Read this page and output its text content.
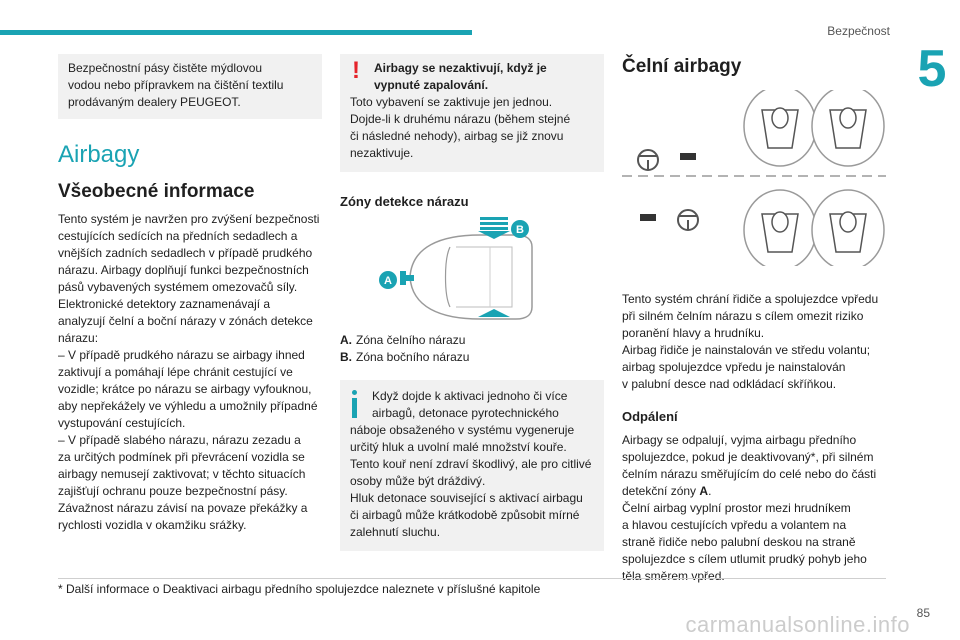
Bezpečnost
5

Bezpečnostní pásy čistěte mýdlovou
vodou nebo přípravkem na čištění textilu
prodávaným dealery PEUGEOT.

Airbagy
Všeobecné informace

Tento systém je navržen pro zvýšení bezpečnosti
cestujících sedících na předních sedadlech a
vnějších zadních sedadlech v případě prudkého
nárazu. Airbagy doplňují funkci bezpečnostních
pásů vybavených systémem omezovačů síly.
Elektronické detektory zaznamenávají a
analyzují čelní a boční nárazy v zónách detekce
nárazu:
– V případě prudkého nárazu se airbagy ihned
zaktivují a pomáhají lépe chránit cestující ve
vozidle; krátce po nárazu se airbagy vyfouknou,
aby nepřekážely ve výhledu a umožnily případné
vystupování cestujících.
– V případě slabého nárazu, nárazu zezadu a
za určitých podmínek při převrácení vozidla se
airbagy nemusejí zaktivovat; v těchto situacích
zajišťují ochranu pouze bezpečnostní pásy.
Závažnost nárazu závisí na povaze překážky a
rychlosti vozidla v okamžiku srážky.

!	Airbagy se nezaktivují, když je
vypnuté zapalování.

Toto vybavení se zaktivuje jen jednou.
Dojde-li k druhému nárazu (během stejné
či následné nehody), airbag se již znovu
nezaktivuje.

Zóny detekce nárazu
A
B
A. Zóna čelního nárazu
B. Zóna bočního nárazu
Když dojde k aktivaci jednoho či více
airbagů, detonace pyrotechnického

náboje obsaženého v systému vygeneruje
určitý hluk a uvolní malé množství kouře.
Tento kouř není zdraví škodlivý, ale pro citlivé
osoby může být dráždivý.
Hluk detonace související s aktivací airbagu
či airbagů může krátkodobě způsobit mírné
zalehnutí sluchu.

Čelní airbagy

Tento systém chrání řidiče a spolujezdce vpředu
při silném čelním nárazu s cílem omezit riziko
poranění hlavy a hrudníku.
Airbag řidiče je nainstalován ve středu volantu;
airbag spolujezdce vpředu je nainstalován
v palubní desce nad odkládací skříňkou.

Odpálení

Airbagy se odpalují, vyjma airbagu předního
spolujezdce, pokud je deaktivovaný*, při silném
čelním nárazu směřujícím do celé nebo do části
detekční zóny A.
Čelní airbag vyplní prostor mezi hrudníkem
a hlavou cestujících vpředu a volantem na
straně řidiče nebo palubní deskou na straně
spolujezdce s cílem utlumit prudký pohyb jeho
těla směrem vpřed.

* Další informace o Deaktivaci airbagu předního spolujezdce naleznete v příslušné kapitole
85
carmanualsonline.info
